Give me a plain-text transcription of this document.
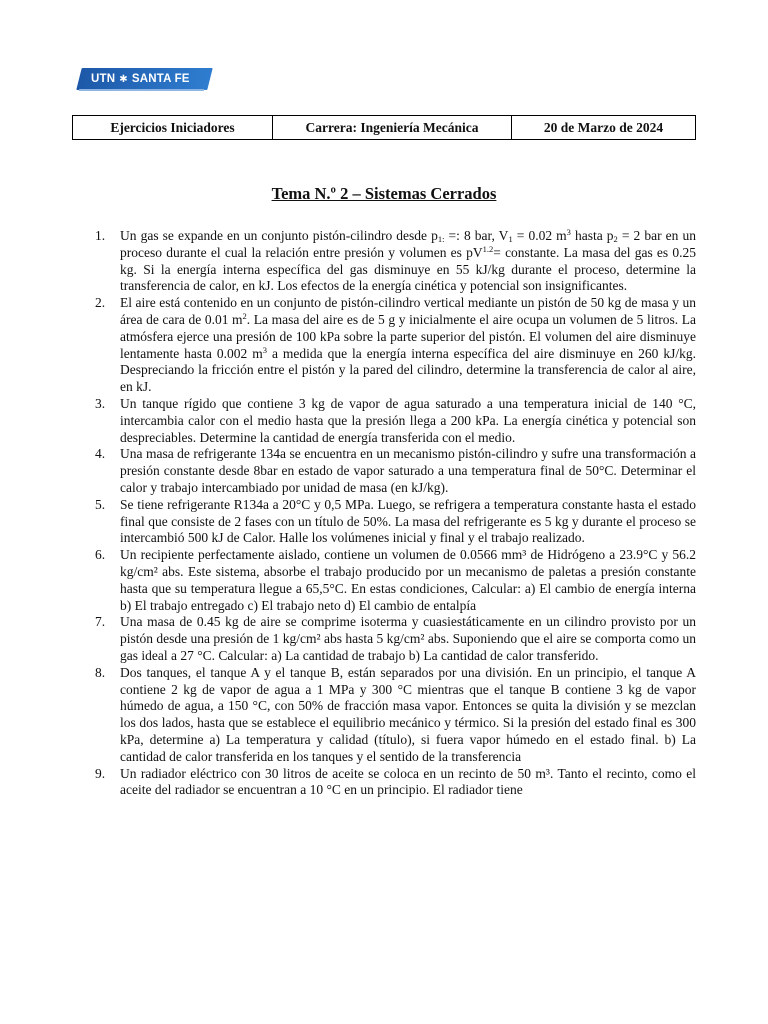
UTN ✱ SANTA FE
Ejercicios Iniciadores	Carrera: Ingeniería Mecánica	20 de Marzo de 2024
Tema N.º 2 – Sistemas Cerrados
1.	Un gas se expande en un conjunto pistón-cilindro desde $p_{1:}$ =: 8 bar, $V_1 = 0.02$ $m^3$ hasta $p_2 = 2$ bar en un proceso durante el cual la relación entre presión y volumen es $pV^{1.2}=$ constante. La masa del gas es 0.25 kg. Si la energía interna específica del gas disminuye en 55 kJ/kg durante el proceso, determine la transferencia de calor, en kJ. Los efectos de la energía cinética y potencial son insignificantes.
2.	El aire está contenido en un conjunto de pistón-cilindro vertical mediante un pistón de 50 kg de masa y un área de cara de 0.01 $m^2$. La masa del aire es de 5 g y inicialmente el aire ocupa un volumen de 5 litros. La atmósfera ejerce una presión de 100 kPa sobre la parte superior del pistón. El volumen del aire disminuye lentamente hasta 0.002 $m^3$ a medida que la energía interna específica del aire disminuye en 260 kJ/kg. Despreciando la fricción entre el pistón y la pared del cilindro, determine la transferencia de calor al aire, en kJ.
3.	Un tanque rígido que contiene 3 kg de vapor de agua saturado a una temperatura inicial de 140 °C, intercambia calor con el medio hasta que la presión llega a 200 kPa. La energía cinética y potencial son despreciables. Determine la cantidad de energía transferida con el medio.
4.	Una masa de refrigerante 134a se encuentra en un mecanismo pistón-cilindro y sufre una transformación a presión constante desde 8bar en estado de vapor saturado a una temperatura final de 50°C. Determinar el calor y trabajo intercambiado por unidad de masa (en kJ/kg).
5.	Se tiene refrigerante R134a a 20°C y 0,5 MPa. Luego, se refrigera a temperatura constante hasta el estado final que consiste de 2 fases con un título de 50%. La masa del refrigerante es 5 kg y durante el proceso se intercambió 500 kJ de Calor. Halle los volúmenes inicial y final y el trabajo realizado.
6.	Un recipiente perfectamente aislado, contiene un volumen de 0.0566 mm³ de Hidrógeno a 23.9°C y 56.2 kg/cm² abs. Este sistema, absorbe el trabajo producido por un mecanismo de paletas a presión constante hasta que su temperatura llegue a 65,5°C. En estas condiciones, Calcular: a) El cambio de energía interna b) El trabajo entregado c) El trabajo neto d) El cambio de entalpía
7.	Una masa de 0.45 kg de aire se comprime isoterma y cuasiestáticamente en un cilindro provisto por un pistón desde una presión de 1 kg/cm² abs hasta 5 kg/cm² abs. Suponiendo que el aire se comporta como un gas ideal a 27 °C. Calcular: a) La cantidad de trabajo b) La cantidad de calor transferido.
8.	Dos tanques, el tanque A y el tanque B, están separados por una división. En un principio, el tanque A contiene 2 kg de vapor de agua a 1 MPa y 300 °C mientras que el tanque B contiene 3 kg de vapor húmedo de agua, a 150 °C, con 50% de fracción masa vapor. Entonces se quita la división y se mezclan los dos lados, hasta que se establece el equilibrio mecánico y térmico. Si la presión del estado final es 300 kPa, determine a) La temperatura y calidad (título), si fuera vapor húmedo en el estado final. b) La cantidad de calor transferida en los tanques y el sentido de la transferencia
9.	Un radiador eléctrico con 30 litros de aceite se coloca en un recinto de 50 m³. Tanto el recinto, como el aceite del radiador se encuentran a 10 °C en un principio. El radiador tiene
